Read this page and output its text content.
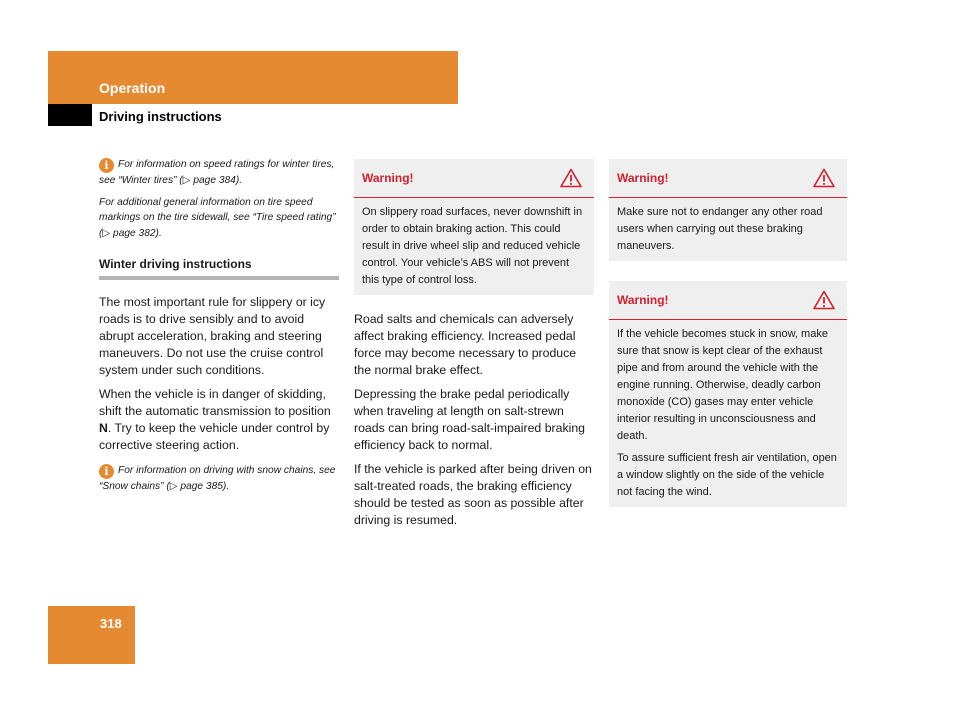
Operation
Driving instructions

i For information on speed ratings for winter tires, see “Winter tires” (▷ page 384).

For additional general information on tire speed markings on the tire sidewall, see “Tire speed rating” (▷ page 382).

Winter driving instructions

The most important rule for slippery or icy roads is to drive sensibly and to avoid abrupt acceleration, braking and steering maneuvers. Do not use the cruise control system under such conditions.

When the vehicle is in danger of skidding, shift the automatic transmission to position N. Try to keep the vehicle under control by corrective steering action.

i For information on driving with snow chains, see “Snow chains” (▷ page 385).

Warning!

On slippery road surfaces, never downshift in order to obtain braking action. This could result in drive wheel slip and reduced vehicle control. Your vehicle’s ABS will not prevent this type of control loss.

Road salts and chemicals can adversely affect braking efficiency. Increased pedal force may become necessary to produce the normal brake effect.

Depressing the brake pedal periodically when traveling at length on salt-strewn roads can bring road-salt-impaired braking efficiency back to normal.

If the vehicle is parked after being driven on salt-treated roads, the braking efficiency should be tested as soon as possible after driving is resumed.

Warning!

Make sure not to endanger any other road users when carrying out these braking maneuvers.

Warning!

If the vehicle becomes stuck in snow, make sure that snow is kept clear of the exhaust pipe and from around the vehicle with the engine running. Otherwise, deadly carbon monoxide (CO) gases may enter vehicle interior resulting in unconsciousness and death.

To assure sufficient fresh air ventilation, open a window slightly on the side of the vehicle not facing the wind.

318
